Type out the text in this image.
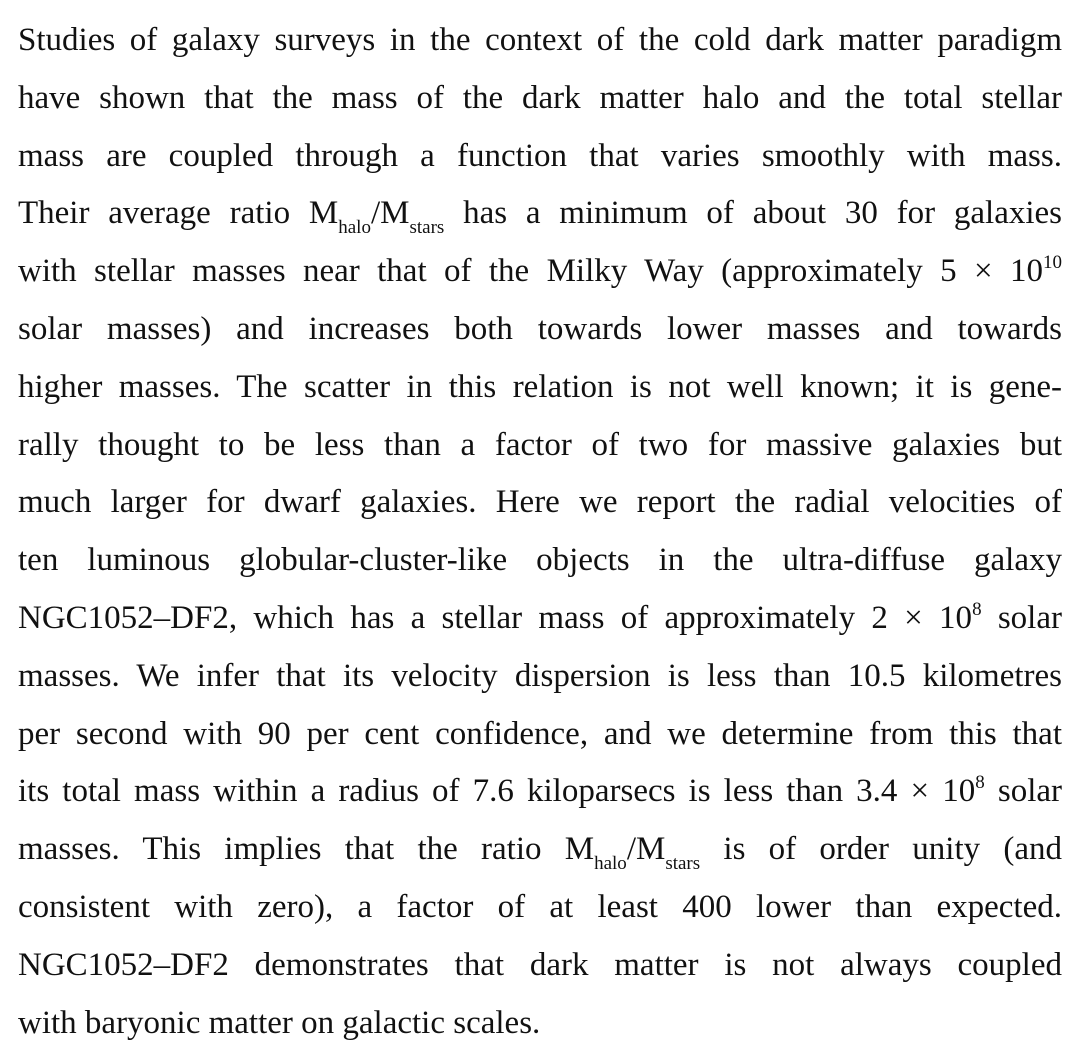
Studies of galaxy surveys in the context of the cold dark matter paradigm
have shown that the mass of the dark matter halo and the total stellar
mass are coupled through a function that varies smoothly with mass.
Their average ratio $M_{halo}/M_{stars}$ has a minimum of about 30 for galaxies
with stellar masses near that of the Milky Way (approximately $5 \times 10^{10}$
solar masses) and increases both towards lower masses and towards
higher masses. The scatter in this relation is not well known; it is gene-
rally thought to be less than a factor of two for massive galaxies but
much larger for dwarf galaxies. Here we report the radial velocities of
ten luminous globular-cluster-like objects in the ultra-diffuse galaxy
NGC1052–DF2, which has a stellar mass of approximately $2 \times 10^8$ solar
masses. We infer that its velocity dispersion is less than 10.5 kilometres
per second with 90 per cent confidence, and we determine from this that
its total mass within a radius of 7.6 kiloparsecs is less than $3.4 \times 10^8$ solar
masses. This implies that the ratio $M_{halo}/M_{stars}$ is of order unity (and
consistent with zero), a factor of at least 400 lower than expected.
NGC1052–DF2 demonstrates that dark matter is not always coupled
with baryonic matter on galactic scales.
